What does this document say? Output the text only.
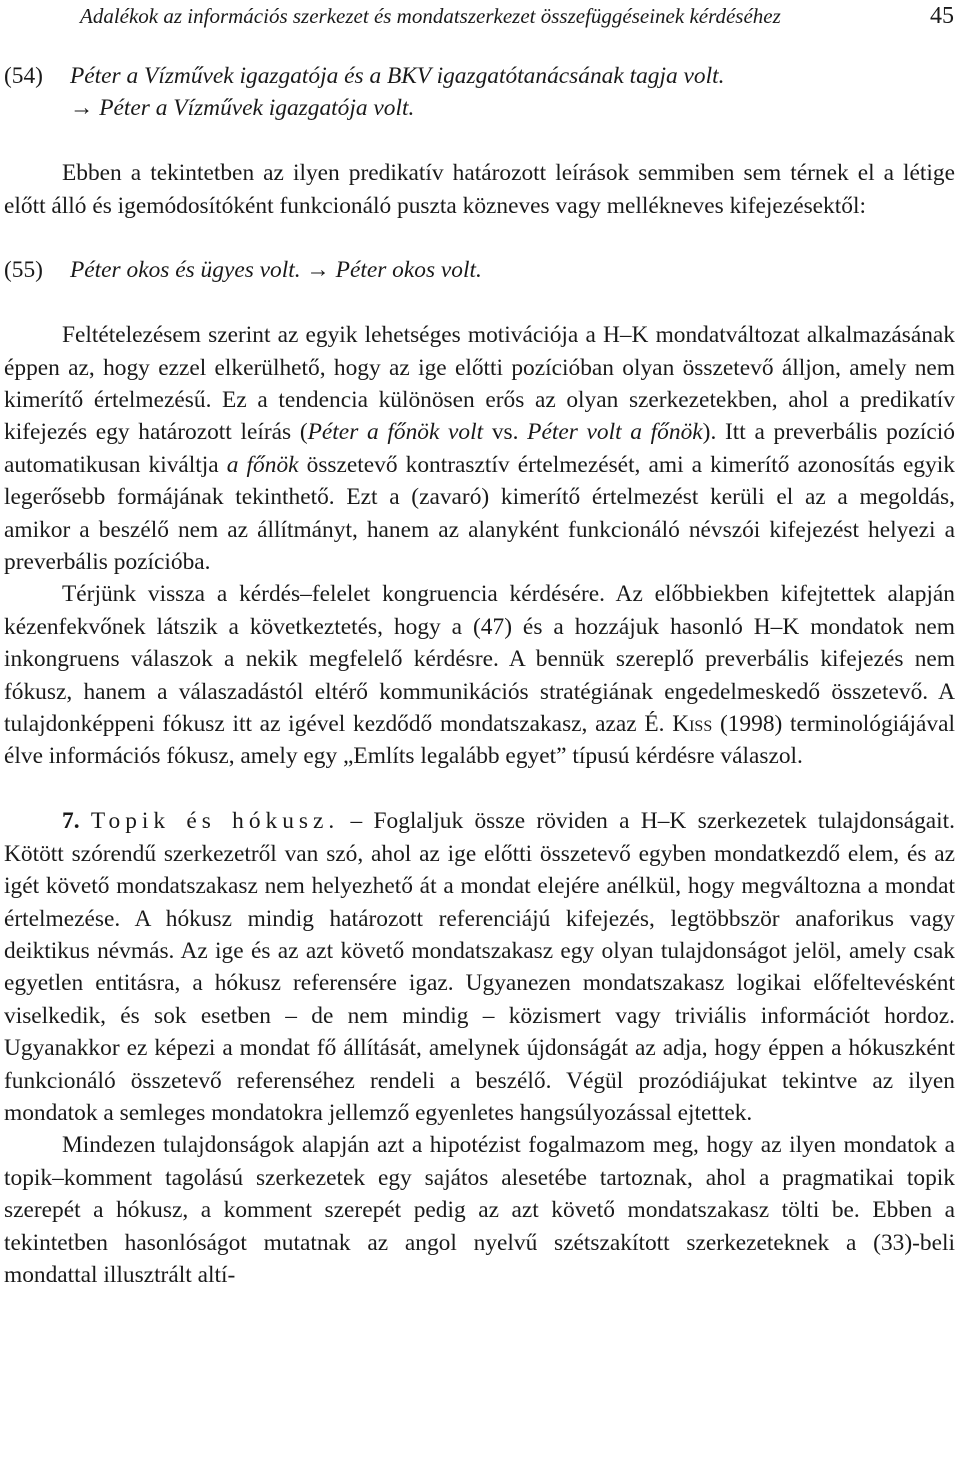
Adalékok az információs szerkezet és mondatszerkezet összefüggéseinek kérdéséhez	45
(54)	Péter a Vízművek igazgatója és a BKV igazgatótanácsának tagja volt.
→ Péter a Vízművek igazgatója volt.

Ebben a tekintetben az ilyen predikatív határozott leírások semmiben sem térnek el a létige előtt álló és igemódosítóként funkcionáló puszta közneves vagy mellékneves kifejezésektől:

(55)	Péter okos és ügyes volt. → Péter okos volt.

Feltételezésem szerint az egyik lehetséges motivációja a H–K mondatváltozat alkalmazásának éppen az, hogy ezzel elkerülhető, hogy az ige előtti pozícióban olyan összetevő álljon, amely nem kimerítő értelmezésű. Ez a tendencia különösen erős az olyan szerkezetekben, ahol a predikatív kifejezés egy határozott leírás (Péter a főnök volt vs. Péter volt a főnök). Itt a preverbális pozíció automatikusan kiváltja a főnök összetevő kontrasztív értelmezését, ami a kimerítő azonosítás egyik legerősebb formájának tekinthető. Ezt a (zavaró) kimerítő értelmezést kerüli el az a megoldás, amikor a beszélő nem az állítmányt, hanem az alanyként funkcionáló névszói kifejezést helyezi a preverbális pozícióba.

Térjünk vissza a kérdés–felelet kongruencia kérdésére. Az előbbiekben kifejtettek alapján kézenfekvőnek látszik a következtetés, hogy a (47) és a hozzájuk hasonló H–K mondatok nem inkongruens válaszok a nekik megfelelő kérdésre. A bennük szereplő preverbális kifejezés nem fókusz, hanem a válaszadástól eltérő kommunikációs stratégiának engedelmeskedő összetevő. A tulajdonképpeni fókusz itt az igével kezdődő mondatszakasz, azaz É. Kiss (1998) terminológiájával élve információs fókusz, amely egy „Említs legalább egyet” típusú kérdésre válaszol.

7. Topik és hókusz. – Foglaljuk össze röviden a H–K szerkezetek tulajdonságait. Kötött szórendű szerkezetről van szó, ahol az ige előtti összetevő egyben mondatkezdő elem, és az igét követő mondatszakasz nem helyezhető át a mondat elejére anélkül, hogy megváltozna a mondat értelmezése. A hókusz mindig határozott referenciájú kifejezés, legtöbbször anaforikus vagy deiktikus névmás. Az ige és az azt követő mondatszakasz egy olyan tulajdonságot jelöl, amely csak egyetlen entitásra, a hókusz referensére igaz. Ugyanezen mondatszakasz logikai előfeltevésként viselkedik, és sok esetben – de nem mindig – közismert vagy triviális információt hordoz. Ugyanakkor ez képezi a mondat fő állítását, amelynek újdonságát az adja, hogy éppen a hókuszként funkcionáló összetevő referenséhez rendeli a beszélő. Végül prozódiájukat tekintve az ilyen mondatok a semleges mondatokra jellemző egyenletes hangsúlyozással ejtettek.

Mindezen tulajdonságok alapján azt a hipotézist fogalmazom meg, hogy az ilyen mondatok a topik–komment tagolású szerkezetek egy sajátos alesetébe tartoznak, ahol a pragmatikai topik szerepét a hókusz, a komment szerepét pedig az azt követő mondatszakasz tölti be. Ebben a tekintetben hasonlóságot mutatnak az angol nyelvű szétszakított szerkezeteknek a (33)-beli mondattal illusztrált altí-
